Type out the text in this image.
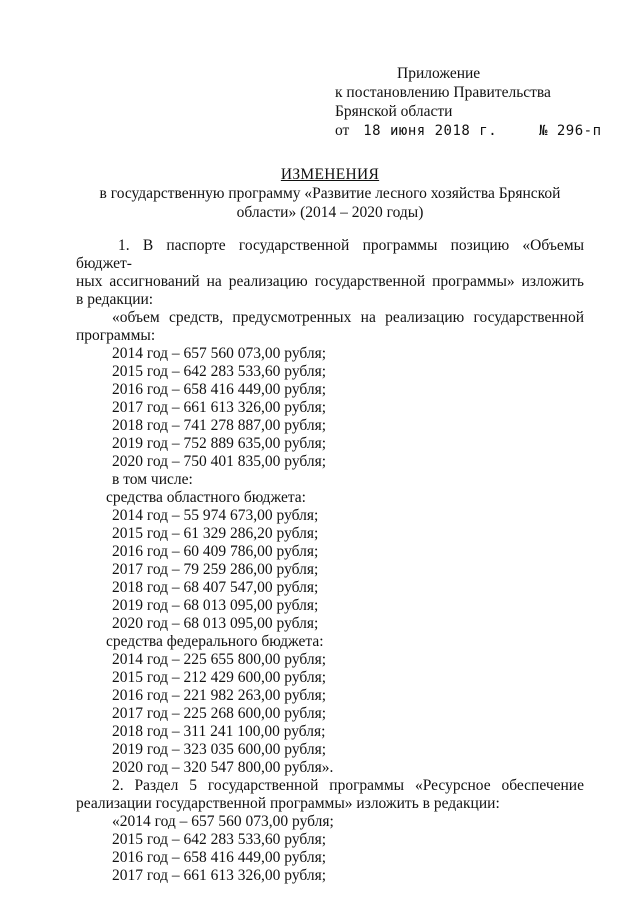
Приложение
к постановлению Правительства
Брянской области
от 18 июня 2018 г.	№ 296-п
ИЗМЕНЕНИЯ
в государственную программу «Развитие лесного хозяйства Брянской
области» (2014 – 2020 годы)

1. В паспорте государственной программы позицию «Объемы бюджет-

ных ассигнований на реализацию государственной программы» изложить

в редакции:

«объем средств, предусмотренных на реализацию государственной

программы:

2014 год – 657 560 073,00 рубля;
2015 год – 642 283 533,60 рубля;
2016 год – 658 416 449,00 рубля;
2017 год – 661 613 326,00 рубля;
2018 год – 741 278 887,00 рубля;
2019 год – 752 889 635,00 рубля;
2020 год – 750 401 835,00 рубля;
в том числе:
средства областного бюджета:
2014 год – 55 974 673,00 рубля;
2015 год – 61 329 286,20 рубля;
2016 год – 60 409 786,00 рубля;
2017 год – 79 259 286,00 рубля;
2018 год – 68 407 547,00 рубля;
2019 год – 68 013 095,00 рубля;
2020 год – 68 013 095,00 рубля;
средства федерального бюджета:
2014 год – 225 655 800,00 рубля;
2015 год – 212 429 600,00 рубля;
2016 год – 221 982 263,00 рубля;
2017 год – 225 268 600,00 рубля;
2018 год – 311 241 100,00 рубля;
2019 год – 323 035 600,00 рубля;
2020 год – 320 547 800,00 рубля».

2. Раздел 5 государственной программы «Ресурсное обеспечение

реализации государственной программы» изложить в редакции:

«2014 год – 657 560 073,00 рубля;
2015 год – 642 283 533,60 рубля;
2016 год – 658 416 449,00 рубля;
2017 год – 661 613 326,00 рубля;
